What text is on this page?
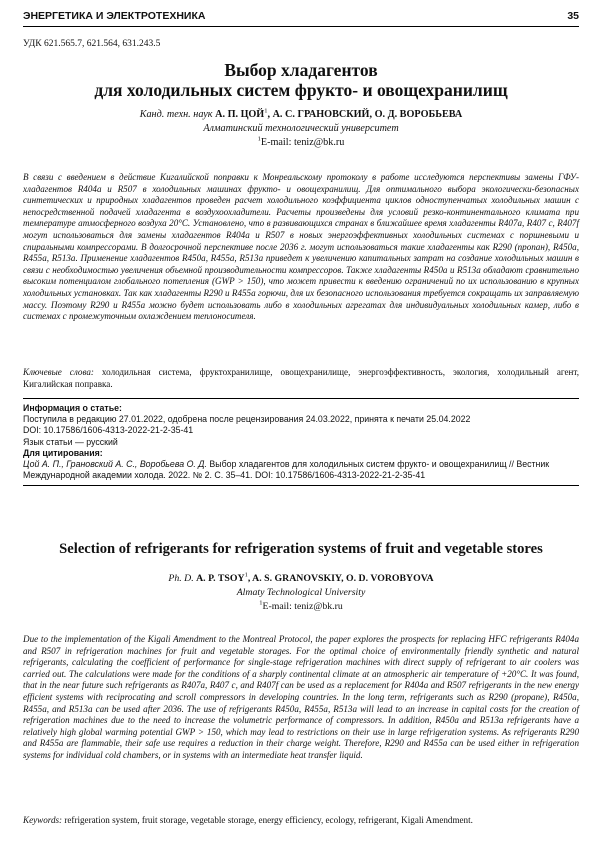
ЭНЕРГЕТИКА И ЭЛЕКТРОТЕХНИКА	35
УДК 621.565.7, 621.564, 631.243.5
Выбор хладагентов
для холодильных систем фрукто- и овощехранилищ
Канд. техн. наук А. П. ЦОЙ$^1$, А. С. ГРАНОВСКИЙ, О. Д. ВОРОБЬЕВА
Алматинский технологический университет
$^1$E-mail: teniz@bk.ru
В связи с введением в действие Кигалийской поправки к Монреальскому протоколу в работе исследуются перспективы замены ГФУ-хладагентов R404a и R507 в холодильных машинах фрукто- и овощехранилищ. Для оптимального выбора экологически-безопасных синтетических и природных хладагентов проведен расчет холодильного коэффициента циклов одноступенчатых холодильных машин с непосредственной подачей хладагента в воздухоохладители. Расчеты произведены для условий резко-континентального климата при температуре атмосферного воздуха 20°С. Установлено, что в развивающихся странах в ближайшее время хладагенты R407a, R407 c, R407f могут использоваться для замены хладагентов R404a и R507 в новых энергоэффективных холодильных системах с поршневыми и спиральными компрессорами. В долгосрочной перспективе после 2036 г. могут использоваться такие хладагенты как R290 (пропан), R450a, R455a, R513a. Применение хладагентов R450a, R455a, R513a приведет к увеличению капитальных затрат на создание холодильных машин в связи с необходимостью увеличения объемной производительности компрессоров. Также хладагенты R450a и R513a обладают сравнительно высоким потенциалом глобального потепления (GWP > 150), что может привести к введению ограничений по их использованию в крупных холодильных установках. Так как хладагенты R290 и R455a горючи, для их безопасного использования требуется сокращать их заправляемую массу. Поэтому R290 и R455a можно будет использовать либо в холодильных агрегатах для индивидуальных холодильных камер, либо в системах с промежуточным охлаждением теплоносителя.
Ключевые слова: холодильная система, фруктохранилище, овощехранилище, энергоэффективность, экология, холодильный агент, Кигалийская поправка.
Информация о статье:
Поступила в редакцию 27.01.2022, одобрена после рецензирования 24.03.2022, принята к печати 25.04.2022
DOI: 10.17586/1606-4313-2022-21-2-35-41
Язык статьи — русский
Для цитирования:
Цой А. П., Грановский А. С., Воробьева О. Д. Выбор хладагентов для холодильных систем фрукто- и овощехранилищ // Вестник Международной академии холода. 2022. № 2. С. 35–41. DOI: 10.17586/1606-4313-2022-21-2-35-41
Selection of refrigerants for refrigeration systems of fruit and vegetable stores
Ph. D. A. P. TSOY$^1$, A. S. GRANOVSKIY, O. D. VOROBYOVA
Almaty Technological University
$^1$E-mail: teniz@bk.ru
Due to the implementation of the Kigali Amendment to the Montreal Protocol, the paper explores the prospects for replacing HFC refrigerants R404a and R507 in refrigeration machines for fruit and vegetable storages. For the optimal choice of environmentally friendly synthetic and natural refrigerants, calculating the coefficient of performance for single-stage refrigeration machines with direct supply of refrigerant to air coolers was carried out. The calculations were made for the conditions of a sharply continental climate at an atmospheric air temperature of +20°C. It was found, that in the near future such refrigerants as R407a, R407 c, and R407f can be used as a replacement for R404a and R507 refrigerants in the new energy efficient systems with reciprocating and scroll compressors in developing countries. In the long term, refrigerants such as R290 (propane), R450a, R455a, and R513a can be used after 2036. The use of refrigerants R450a, R455a, R513a will lead to an increase in capital costs for the creation of refrigeration machines due to the need to increase the volumetric performance of compressors. In addition, R450a and R513a refrigerants have a relatively high global warming potential GWP > 150, which may lead to restrictions on their use in large refrigeration systems. As refrigerants R290 and R455a are flammable, their safe use requires a reduction in their charge weight. Therefore, R290 and R455a can be used either in refrigeration systems for individual cold chambers, or in systems with an intermediate heat transfer liquid.
Keywords: refrigeration system, fruit storage, vegetable storage, energy efficiency, ecology, refrigerant, Kigali Amendment.
